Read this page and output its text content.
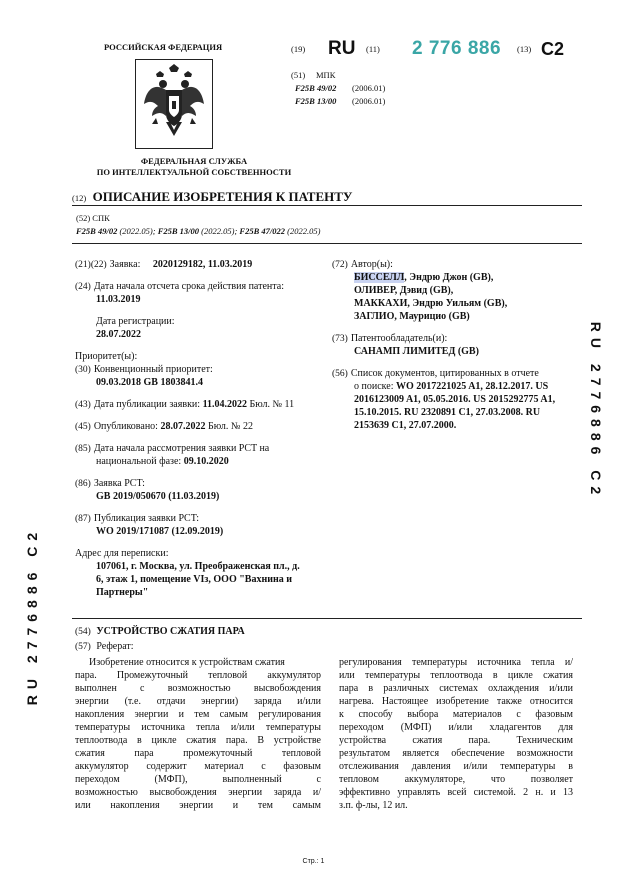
РОССИЙСКАЯ ФЕДЕРАЦИЯ
ФЕДЕРАЛЬНАЯ СЛУЖБА
ПО ИНТЕЛЛЕКТУАЛЬНОЙ СОБСТВЕННОСТИ
(19) RU (11) 2 776 886 (13) C2
(51) МПК
F25B 49/02 (2006.01)
F25B 13/00 (2006.01)
(12) ОПИСАНИЕ ИЗОБРЕТЕНИЯ К ПАТЕНТУ
(52) СПК
F25B 49/02 (2022.05); F25B 13/00 (2022.05); F25B 47/022 (2022.05)
(21)(22) Заявка: 2020129182, 11.03.2019
(24) Дата начала отсчета срока действия патента:
11.03.2019
Дата регистрации:
28.07.2022
Приоритет(ы):
(30) Конвенционный приоритет:
09.03.2018 GB 1803841.4
(43) Дата публикации заявки: 11.04.2022 Бюл. № 11
(45) Опубликовано: 28.07.2022 Бюл. № 22
(85) Дата начала рассмотрения заявки PCT на
национальной фазе: 09.10.2020
(86) Заявка PCT:
GB 2019/050670 (11.03.2019)
(87) Публикация заявки PCT:
WO 2019/171087 (12.09.2019)
Адрес для переписки:
107061, г. Москва, ул. Преображенская пл., д.
6, этаж 1, помещение VIз, ООО "Вахнина и
Партнеры"
(72) Автор(ы):
БИССЕЛЛ, Эндрю Джон (GB),
ОЛИВЕР, Дэвид (GB),
МАККАХИ, Эндрю Уильям (GB),
ЗАГЛИО, Маурицио (GB)
(73) Патентообладатель(и):
САНАМП ЛИМИТЕД (GB)
(56) Список документов, цитированных в отчете
о поиске: WO 2017221025 A1, 28.12.2017. US
2016123009 A1, 05.05.2016. US 2015292775 A1,
15.10.2015. RU 2320891 C1, 27.03.2008. RU
2153639 C1, 27.07.2000.
(54) УСТРОЙСТВО СЖАТИЯ ПАРА
(57) Реферат:
Изобретение относится к устройствам сжатия
пара. Промежуточный тепловой аккумулятор
выполнен с возможностью высвобождения
энергии (т.е. отдачи энергии) заряда и/или
накопления энергии и тем самым регулирования
температуры источника тепла и/или температуры
теплоотвода в цикле сжатия пара. В устройстве
сжатия пара промежуточный тепловой
аккумулятор содержит материал с фазовым
переходом (МФП), выполненный с
возможностью высвобождения энергии заряда и/
или накопления энергии и тем самым
регулирования температуры источника тепла и/
или температуры теплоотвода в цикле сжатия
пара в различных системах охлаждения и/или
нагрева. Настоящее изобретение также относится
к способу выбора материалов с фазовым
переходом (МФП) и/или хладагентов для
устройства сжатия пара. Техническим
результатом является обеспечение возможности
отслеживания давления и/или температуры в
тепловом аккумуляторе, что позволяет
эффективно управлять всей системой. 2 н. и 13
з.п. ф-лы, 12 ил.
RU 2776886 C2
RU 2776886 C2
Стр.: 1
